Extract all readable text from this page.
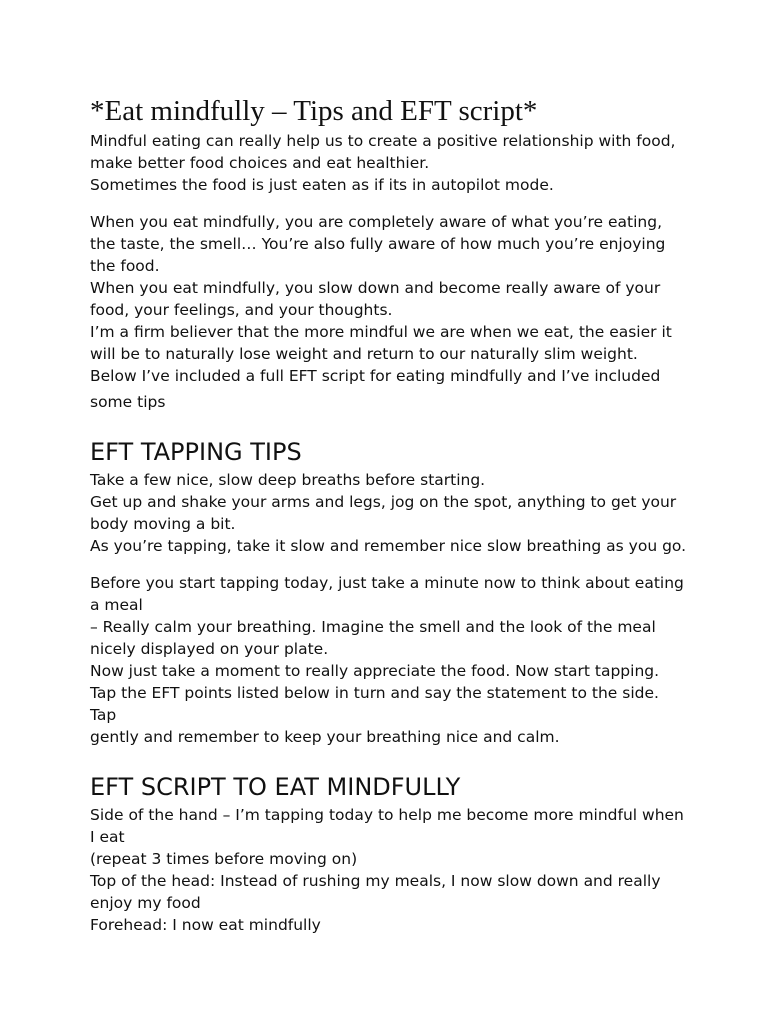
*Eat mindfully – Tips and EFT script*

Mindful eating can really help us to create a positive relationship with food,
make better food choices and eat healthier.
Sometimes the food is just eaten as if its in autopilot mode.

When you eat mindfully, you are completely aware of what you’re eating,
the taste, the smell… You’re also fully aware of how much you’re enjoying
the food.
When you eat mindfully, you slow down and become really aware of your
food, your feelings, and your thoughts.
I’m a firm believer that the more mindful we are when we eat, the easier it
will be to naturally lose weight and return to our naturally slim weight.
Below I’ve included a full EFT script for eating mindfully and I’ve included
some tips

EFT TAPPING TIPS

Take a few nice, slow deep breaths before starting.
Get up and shake your arms and legs, jog on the spot, anything to get your
body moving a bit.
As you’re tapping, take it slow and remember nice slow breathing as you go.

Before you start tapping today, just take a minute now to think about eating
a meal
– Really calm your breathing. Imagine the smell and the look of the meal
nicely displayed on your plate.
Now just take a moment to really appreciate the food. Now start tapping.
Tap the EFT points listed below in turn and say the statement to the side.
Tap
gently and remember to keep your breathing nice and calm.

EFT SCRIPT TO EAT MINDFULLY

Side of the hand – I’m tapping today to help me become more mindful when
I eat
(repeat 3 times before moving on)
Top of the head: Instead of rushing my meals, I now slow down and really
enjoy my food
Forehead: I now eat mindfully
